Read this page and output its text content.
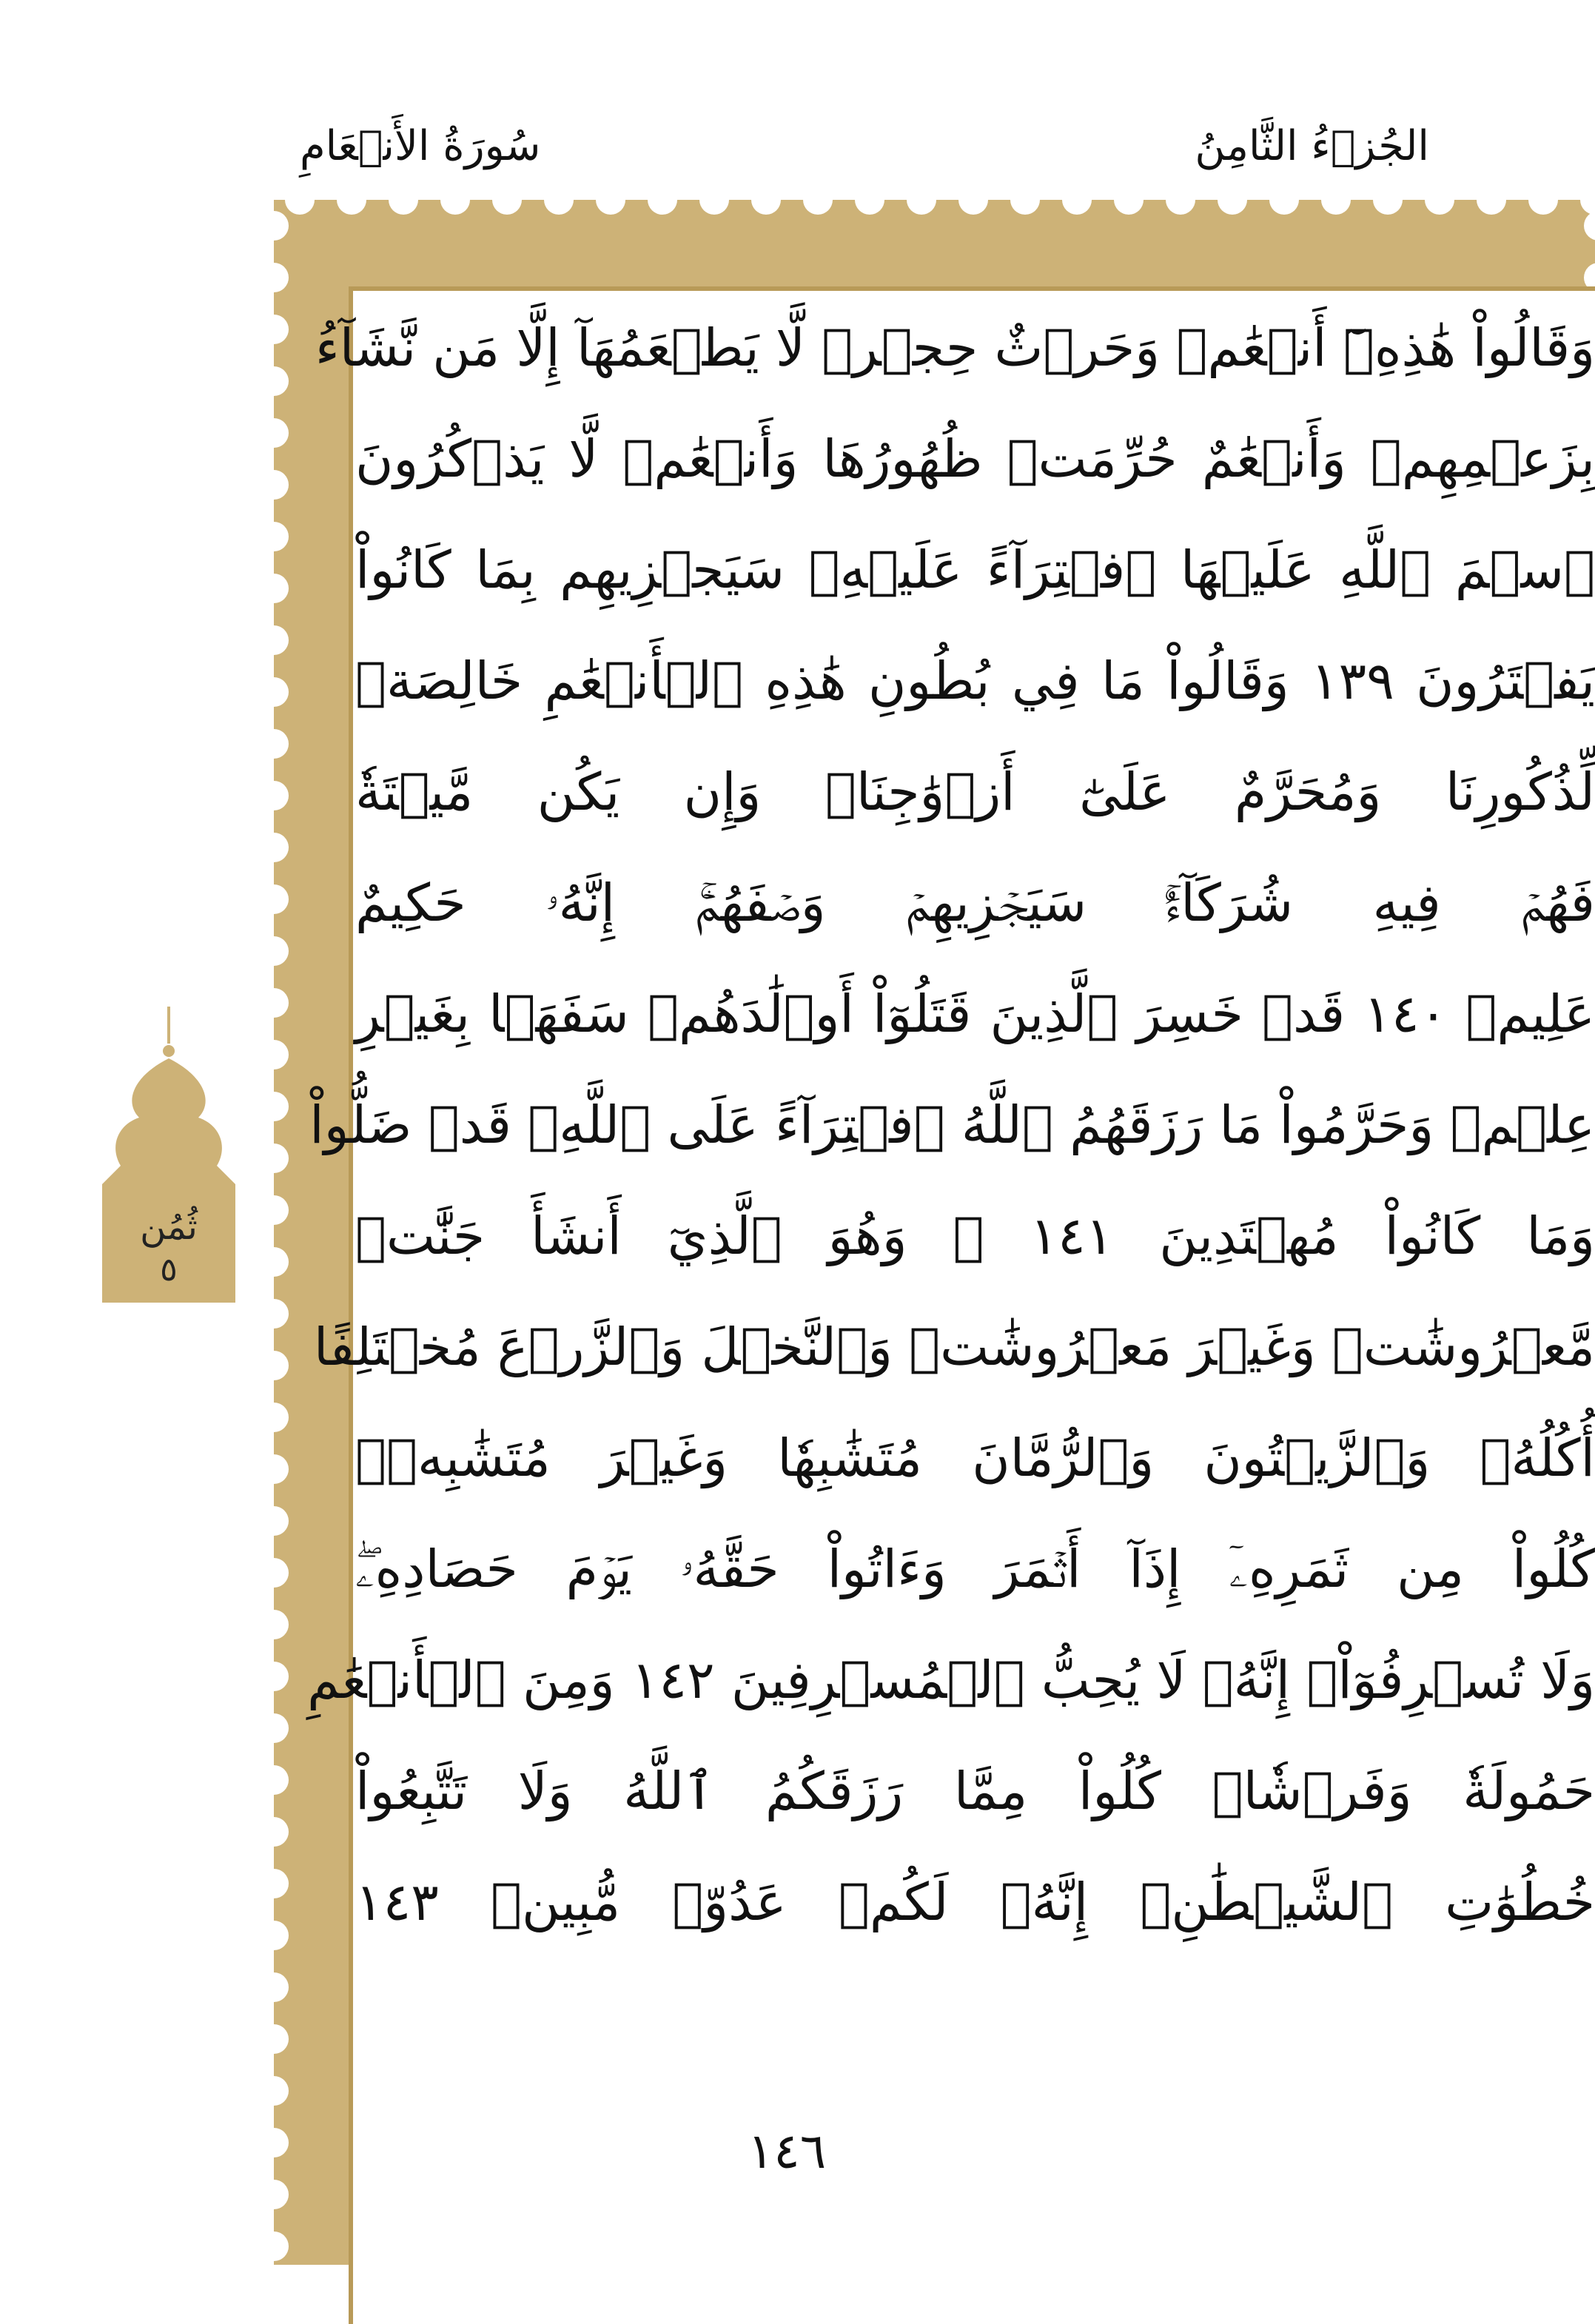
الجُزۡءُ الثَّامِنُ
سُورَةُ الأَنۡعَامِ
ثُمُن
٥
وَقَالُواْ هَٰذِهِۦٓ أَنۡعَٰمٞ وَحَرۡثٌ حِجۡرٞ لَّا يَطۡعَمُهَآ إِلَّا مَن نَّشَآءُ
بِزَعۡمِهِمۡ وَأَنۡعَٰمٌ حُرِّمَتۡ ظُهُورُهَا وَأَنۡعَٰمٞ لَّا يَذۡكُرُونَ
ٱسۡمَ ٱللَّهِ عَلَيۡهَا ٱفۡتِرَآءً عَلَيۡهِۚ سَيَجۡزِيهِم بِمَا كَانُواْ
يَفۡتَرُونَ ١٣٩ وَقَالُواْ مَا فِي بُطُونِ هَٰذِهِ ٱلۡأَنۡعَٰمِ خَالِصَةٞ
لِّذُكُورِنَا وَمُحَرَّمٌ عَلَىٰٓ أَزۡوَٰجِنَاۖ وَإِن يَكُن مَّيۡتَةٗ
فَهُمۡ فِيهِ شُرَكَآءُۚ سَيَجۡزِيهِمۡ وَصۡفَهُمۡۚ إِنَّهُۥ حَكِيمٌ
عَلِيمٞ ١٤٠ قَدۡ خَسِرَ ٱلَّذِينَ قَتَلُوٓاْ أَوۡلَٰدَهُمۡ سَفَهَۢا بِغَيۡرِ
عِلۡمٖ وَحَرَّمُواْ مَا رَزَقَهُمُ ٱللَّهُ ٱفۡتِرَآءً عَلَى ٱللَّهِۚ قَدۡ ضَلُّواْ
وَمَا كَانُواْ مُهۡتَدِينَ ١٤١ ۞ وَهُوَ ٱلَّذِيٓ أَنشَأَ جَنَّٰتٖ
مَّعۡرُوشَٰتٖ وَغَيۡرَ مَعۡرُوشَٰتٖ وَٱلنَّخۡلَ وَٱلزَّرۡعَ مُخۡتَلِفًا
أُكُلُهُۥ وَٱلزَّيۡتُونَ وَٱلرُّمَّانَ مُتَشَٰبِهٗا وَغَيۡرَ مُتَشَٰبِهٖۚ
كُلُواْ مِن ثَمَرِهِۦٓ إِذَآ أَثۡمَرَ وَءَاتُواْ حَقَّهُۥ يَوۡمَ حَصَادِهِۦۖ
وَلَا تُسۡرِفُوٓاْۚ إِنَّهُۥ لَا يُحِبُّ ٱلۡمُسۡرِفِينَ ١٤٢ وَمِنَ ٱلۡأَنۡعَٰمِ
حَمُولَةٗ وَفَرۡشٗاۚ كُلُواْ مِمَّا رَزَقَكُمُ ٱللَّهُ وَلَا تَتَّبِعُواْ
خُطُوَٰتِ ٱلشَّيۡطَٰنِۚ إِنَّهُۥ لَكُمۡ عَدُوّٞ مُّبِينٞ ١٤٣
١٤٦
